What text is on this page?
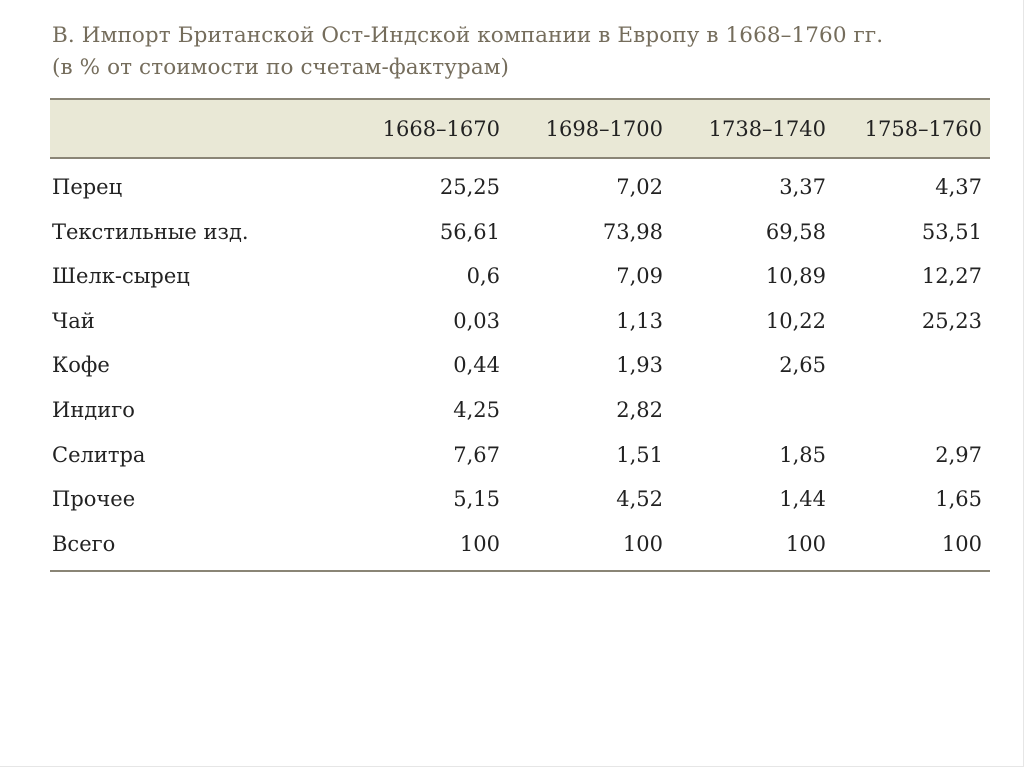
B. Импорт Британской Ост-Индской компании в Европу в 1668–1760 гг.
(в % от стоимости по счетам-фактурам)
1668–1670	1698–1700	1738–1740	1758–1760
Перец	25,25	7,02	3,37	4,37
Текстильные изд.	56,61	73,98	69,58	53,51
Шелк-сырец	0,6	7,09	10,89	12,27
Чай	0,03	1,13	10,22	25,23
Кофе	0,44	1,93	2,65
Индиго	4,25	2,82
Селитра	7,67	1,51	1,85	2,97
Прочее	5,15	4,52	1,44	1,65
Всего	100	100	100	100
